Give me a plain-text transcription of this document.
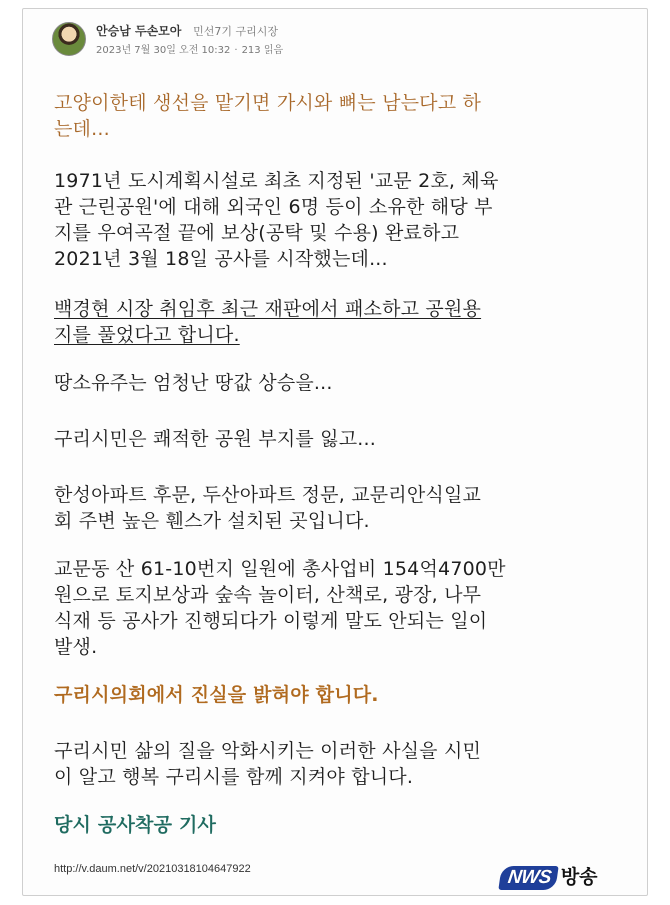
안승남 두손모아 민선7기 구리시장
2023년 7월 30일 오전 10:32 · 213 읽음
고양이한테 생선을 맡기면 가시와 뼈는 남는다고 하
는데...
1971년 도시계획시설로 최초 지정된 '교문 2호, 체육
관 근린공원'에 대해 외국인 6명 등이 소유한 해당 부
지를 우여곡절 끝에 보상(공탁 및 수용) 완료하고
2021년 3월 18일 공사를 시작했는데...
백경현 시장 취임후 최근 재판에서 패소하고 공원용
지를 풀었다고 합니다.
땅소유주는 엄청난 땅값 상승을...
구리시민은 쾌적한 공원 부지를 잃고...
한성아파트 후문, 두산아파트 정문, 교문리안식일교
회 주변 높은 휀스가 설치된 곳입니다.
교문동 산 61-10번지 일원에 총사업비 154억4700만
원으로 토지보상과 숲속 놀이터, 산책로, 광장, 나무
식재 등 공사가 진행되다가 이렇게 말도 안되는 일이
발생.
구리시의회에서 진실을 밝혀야 합니다.
구리시민 삶의 질을 악화시키는 이러한 사실을 시민
이 알고 행복 구리시를 함께 지켜야 합니다.
당시 공사착공 기사
http://v.daum.net/v/20210318104647922	NWS 방송
